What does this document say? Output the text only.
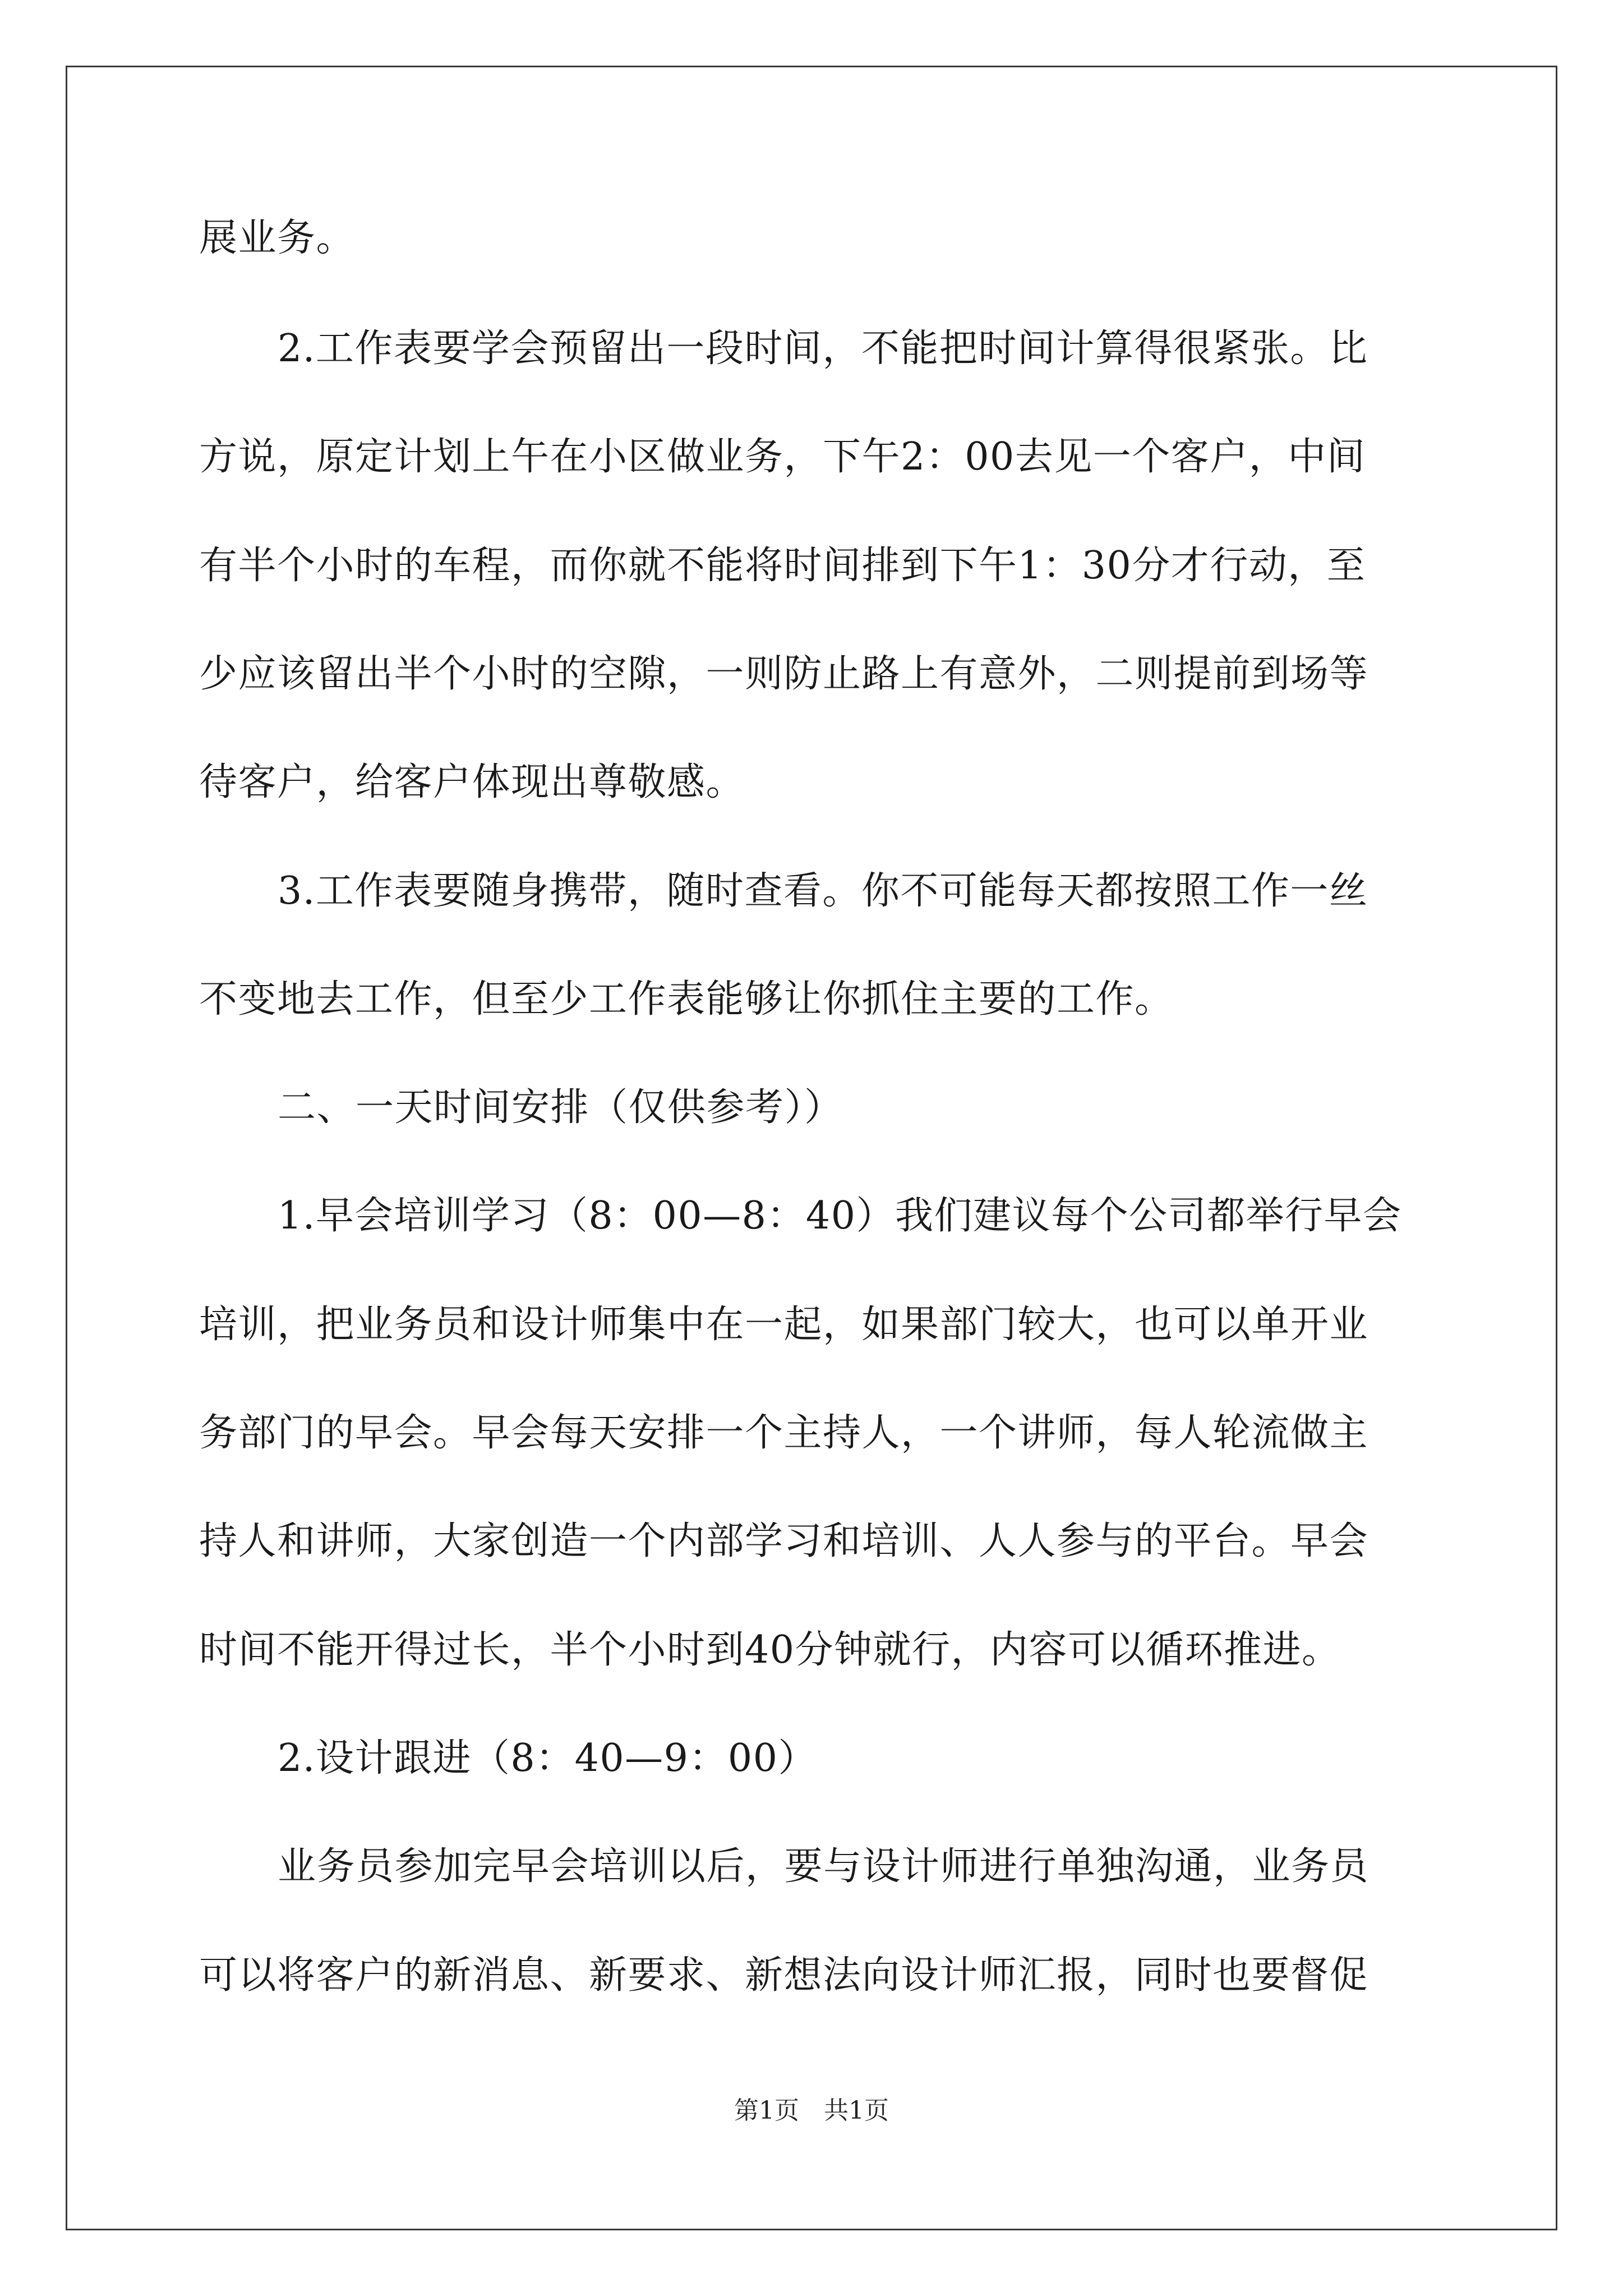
展业务。
2.工作表要学会预留出一段时间，不能把时间计算得很紧张。比
方说，原定计划上午在小区做业务，下午2：00去见一个客户，中间
有半个小时的车程，而你就不能将时间排到下午1：30分才行动，至
少应该留出半个小时的空隙，一则防止路上有意外，二则提前到场等
待客户，给客户体现出尊敬感。
3.工作表要随身携带，随时查看。你不可能每天都按照工作一丝
不变地去工作，但至少工作表能够让你抓住主要的工作。
二、一天时间安排（仅供参考））
1.早会培训学习（8：00—8：40）我们建议每个公司都举行早会
培训，把业务员和设计师集中在一起，如果部门较大，也可以单开业
务部门的早会。早会每天安排一个主持人，一个讲师，每人轮流做主
持人和讲师，大家创造一个内部学习和培训、人人参与的平台。早会
时间不能开得过长，半个小时到40分钟就行，内容可以循环推进。
2.设计跟进（8：40—9：00）
业务员参加完早会培训以后，要与设计师进行单独沟通，业务员
可以将客户的新消息、新要求、新想法向设计师汇报，同时也要督促
第1页　共1页
